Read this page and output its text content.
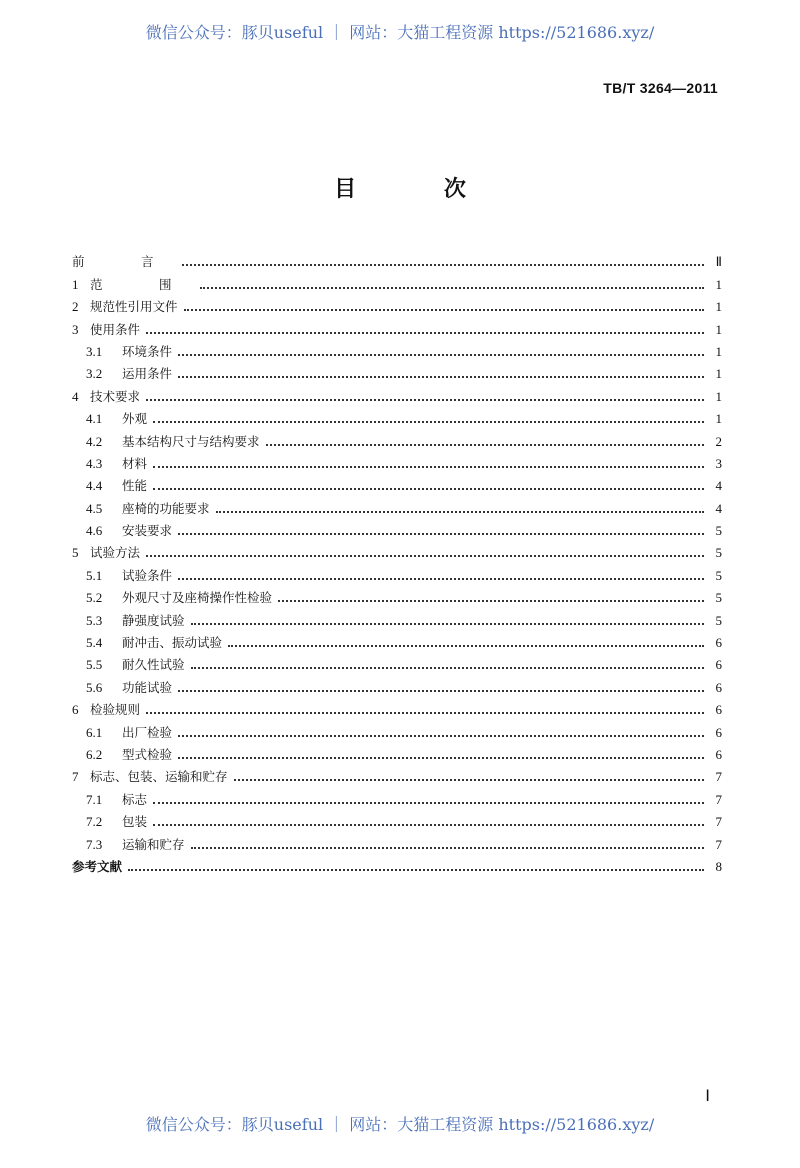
微信公众号：豚贝useful ｜ 网站：大猫工程资源 https://521686.xyz/
TB/T 3264—2011
目 次
前　言	Ⅱ
1 范　围	1
2 规范性引用文件	1
3 使用条件	1
3.1	环境条件	1
3.2	运用条件	1
4 技术要求	1
4.1	外观	1
4.2	基本结构尺寸与结构要求	2
4.3	材料	3
4.4	性能	4
4.5	座椅的功能要求	4
4.6	安装要求	5
5 试验方法	5
5.1	试验条件	5
5.2	外观尺寸及座椅操作性检验	5
5.3	静强度试验	5
5.4	耐冲击、振动试验	6
5.5	耐久性试验	6
5.6	功能试验	6
6 检验规则	6
6.1	出厂检验	6
6.2	型式检验	6
7 标志、包装、运输和贮存	7
7.1	标志	7
7.2	包装	7
7.3	运输和贮存	7
参考文献	8
Ⅰ
微信公众号：豚贝useful ｜ 网站：大猫工程资源 https://521686.xyz/
